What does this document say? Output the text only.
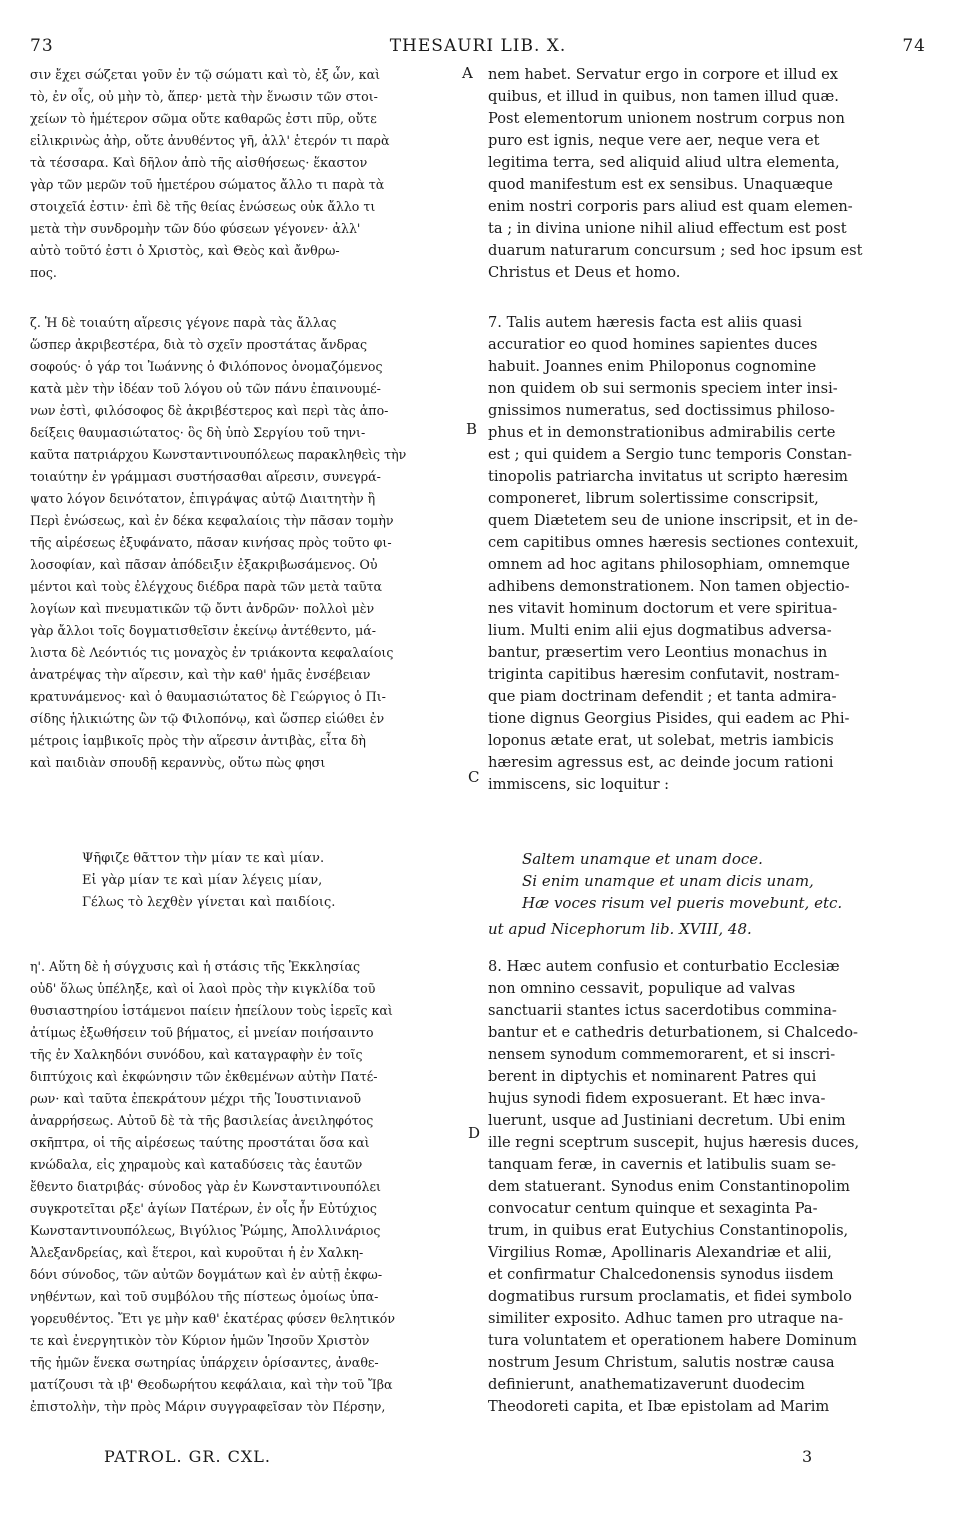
73	THESAURI LIB. X.	74
A
B
C
D
σιν ἔχει σώζεται γοῦν ἐν τῷ σώματι καὶ τὸ, ἐξ ὧν, καὶ
τὸ, ἐν οἷς, οὐ μὴν τὸ, ἅπερ· μετὰ τὴν ἕνωσιν τῶν στοι-
χείων τὸ ἡμέτερον σῶμα οὔτε καθαρῶς ἐστι πῦρ, οὔτε
εἰλικρινὼς ἀὴρ, οὔτε ἀνυθέντος γῆ, ἀλλ' ἑτερόν τι παρὰ
τὰ τέσσαρα. Καὶ δῆλον ἀπὸ τῆς αἰσθήσεως· ἕκαστον
γὰρ τῶν μερῶν τοῦ ἡμετέρου σώματος ἄλλο τι παρὰ τὰ
στοιχεῖά ἐστιν· ἐπὶ δὲ τῆς θείας ἑνώσεως οὐκ ἄλλο τι
μετὰ τὴν συνδρομὴν τῶν δύο φύσεων γέγονεν· ἀλλ'
αὐτὸ τοῦτό ἐστι ὁ Χριστὸς, καὶ Θεὸς καὶ ἄνθρω-
πος.
nem habet. Servatur ergo in corpore et illud ex
quibus, et illud in quibus, non tamen illud quæ.
Post elementorum unionem nostrum corpus non
puro est ignis, neque vere aer, neque vera et
legitima terra, sed aliquid aliud ultra elementa,
quod manifestum est ex sensibus. Unaquæque
enim nostri corporis pars aliud est quam elemen-
ta ; in divina unione nihil aliud effectum est post
duarum naturarum concursum ; sed hoc ipsum est
Christus et Deus et homo.
ζ. Ἡ δὲ τοιαύτη αἵρεσις γέγονε παρὰ τὰς ἄλλας
ὥσπερ ἀκριβεστέρα, διὰ τὸ σχεῖν προστάτας ἄνδρας
σοφούς· ὁ γάρ τοι Ἰωάννης ὁ Φιλόπονος ὀνομαζόμενος
κατὰ μὲν τὴν ἰδέαν τοῦ λόγου οὐ τῶν πάνυ ἐπαινουμέ-
νων ἐστὶ, φιλόσοφος δὲ ἀκριβέστερος καὶ περὶ τὰς ἀπο-
δείξεις θαυμασιώτατος· ὃς δὴ ὑπὸ Σεργίου τοῦ τηνι-
καῦτα πατριάρχου Κωνσταντινουπόλεως παρακληθεὶς τὴν
τοιαύτην ἐν γράμμασι συστήσασθαι αἵρεσιν, συνεγρά-
ψατο λόγον δεινότατον, ἐπιγράψας αὐτῷ Διαιτητὴν ἢ
Περὶ ἑνώσεως, καὶ ἐν δέκα κεφαλαίοις τὴν πᾶσαν τομὴν
τῆς αἱρέσεως ἐξυφάνατο, πᾶσαν κινήσας πρὸς τοῦτο φι-
λοσοφίαν, καὶ πᾶσαν ἀπόδειξιν ἐξακριβωσάμενος. Οὐ
μέντοι καὶ τοὺς ἐλέγχους διέδρα παρὰ τῶν μετὰ ταῦτα
λογίων καὶ πνευματικῶν τῷ ὄντι ἀνδρῶν· πολλοὶ μὲν
γὰρ ἄλλοι τοῖς δογματισθεῖσιν ἐκείνῳ ἀντέθεντο, μά-
λιστα δὲ Λεόντιός τις μοναχὸς ἐν τριάκοντα κεφαλαίοις
ἀνατρέψας τὴν αἵρεσιν, καὶ τὴν καθ' ἡμᾶς ἐνσέβειαν
κρατυνάμενος· καὶ ὁ θαυμασιώτατος δὲ Γεώργιος ὁ Πι-
σίδης ἡλικιώτης ὢν τῷ Φιλοπόνῳ, καὶ ὥσπερ εἰώθει ἐν
μέτροις ἰαμβικοῖς πρὸς τὴν αἵρεσιν ἀντιβὰς, εἶτα δὴ
καὶ παιδιὰν σπουδῇ κεραννὺς, οὕτω πὼς φησι
7. Talis autem hæresis facta est aliis quasi
accuratior eo quod homines sapientes duces
habuit. Joannes enim Philoponus cognomine
non quidem ob sui sermonis speciem inter insi-
gnissimos numeratus, sed doctissimus philoso-
phus et in demonstrationibus admirabilis certe
est ; qui quidem a Sergio tunc temporis Constan-
tinopolis patriarcha invitatus ut scripto hæresim
componeret, librum solertissime conscripsit,
quem Diætetem seu de unione inscripsit, et in de-
cem capitibus omnes hæresis sectiones contexuit,
omnem ad hoc agitans philosophiam, omnemque
adhibens demonstrationem. Non tamen objectio-
nes vitavit hominum doctorum et vere spiritua-
lium. Multi enim alii ejus dogmatibus adversa-
bantur, præsertim vero Leontius monachus in
triginta capitibus hæresim confutavit, nostram-
que piam doctrinam defendit ; et tanta admira-
tione dignus Georgius Pisides, qui eadem ac Phi-
loponus ætate erat, ut solebat, metris iambicis
hæresim agressus est, ac deinde jocum rationi
immiscens, sic loquitur :
Ψῆφιζε θᾶττον τὴν μίαν τε καὶ μίαν.
Εἰ γὰρ μίαν τε καὶ μίαν λέγεις μίαν,
Γέλως τὸ λεχθὲν γίνεται καὶ παιδίοις.
Saltem unamque et unam doce.
Si enim unamque et unam dicis unam,
Hæ voces risum vel pueris movebunt, etc.
ut apud Nicephorum lib. XVIII, 48.
η'. Αὕτη δὲ ἡ σύγχυσις καὶ ἡ στάσις τῆς Ἐκκλησίας
οὐδ' ὅλως ὑπέληξε, καὶ οἱ λαοὶ πρὸς τὴν κιγκλίδα τοῦ
θυσιαστηρίου ἱστάμενοι παίειν ἠπείλουν τοὺς ἱερεῖς καὶ
ἀτίμως ἐξωθήσειν τοῦ βήματος, εἰ μνείαν ποιήσαιντο
τῆς ἐν Χαλκηδόνι συνόδου, καὶ καταγραφὴν ἐν τοῖς
διπτύχοις καὶ ἐκφώνησιν τῶν ἐκθεμένων αὐτὴν Πατέ-
ρων· καὶ ταῦτα ἐπεκράτουν μέχρι τῆς Ἰουστινιανοῦ
ἀναρρήσεως. Αὐτοῦ δὲ τὰ τῆς βασιλείας ἀνειληφότος
σκῆπτρα, οἱ τῆς αἱρέσεως ταύτης προστάται ὅσα καὶ
κνώδαλα, εἰς χηραμοὺς καὶ καταδύσεις τὰς ἑαυτῶν
ἔθεντο διατριβάς· σύνοδος γὰρ ἐν Κωνσταντινουπόλει
συγκροτεῖται ρξε' ἁγίων Πατέρων, ἐν οἷς ἦν Εὐτύχιος
Κωνσταντινουπόλεως, Βιγύλιος Ῥώμης, Ἀπολλινάριος
Ἀλεξανδρείας, καὶ ἕτεροι, καὶ κυροῦται ἡ ἐν Χαλκη-
δόνι σύνοδος, τῶν αὐτῶν δογμάτων καὶ ἐν αὐτῇ ἐκφω-
νηθέντων, καὶ τοῦ συμβόλου τῆς πίστεως ὁμοίως ὑπα-
γορευθέντος. Ἔτι γε μὴν καθ' ἑκατέρας φύσεν θελητικόν
τε καὶ ἐνεργητικὸν τὸν Κύριον ἡμῶν Ἰησοῦν Χριστὸν
τῆς ἡμῶν ἕνεκα σωτηρίας ὑπάρχειν ὁρίσαντες, ἀναθε-
ματίζουσι τὰ ιβ' Θεοδωρήτου κεφάλαια, καὶ τὴν τοῦ Ἴβα
ἐπιστολὴν, τὴν πρὸς Μάριν συγγραφεῖσαν τὸν Πέρσην,
8. Hæc autem confusio et conturbatio Ecclesiæ
non omnino cessavit, populique ad valvas
sanctuarii stantes ictus sacerdotibus commina-
bantur et e cathedris deturbationem, si Chalcedo-
nensem synodum commemorarent, et si inscri-
berent in diptychis et nominarent Patres qui
hujus synodi fidem exposuerant. Et hæc inva-
luerunt, usque ad Justiniani decretum. Ubi enim
ille regni sceptrum suscepit, hujus hæresis duces,
tanquam feræ, in cavernis et latibulis suam se-
dem statuerant. Synodus enim Constantinopolim
convocatur centum quinque et sexaginta Pa-
trum, in quibus erat Eutychius Constantinopolis,
Virgilius Romæ, Apollinaris Alexandriæ et alii,
et confirmatur Chalcedonensis synodus iisdem
dogmatibus rursum proclamatis, et fidei symbolo
similiter exposito. Adhuc tamen pro utraque na-
tura voluntatem et operationem habere Dominum
nostrum Jesum Christum, salutis nostræ causa
definierunt, anathematizaverunt duodecim
Theodoreti capita, et Ibæ epistolam ad Marim
PATROL. GR. CXL.	3
